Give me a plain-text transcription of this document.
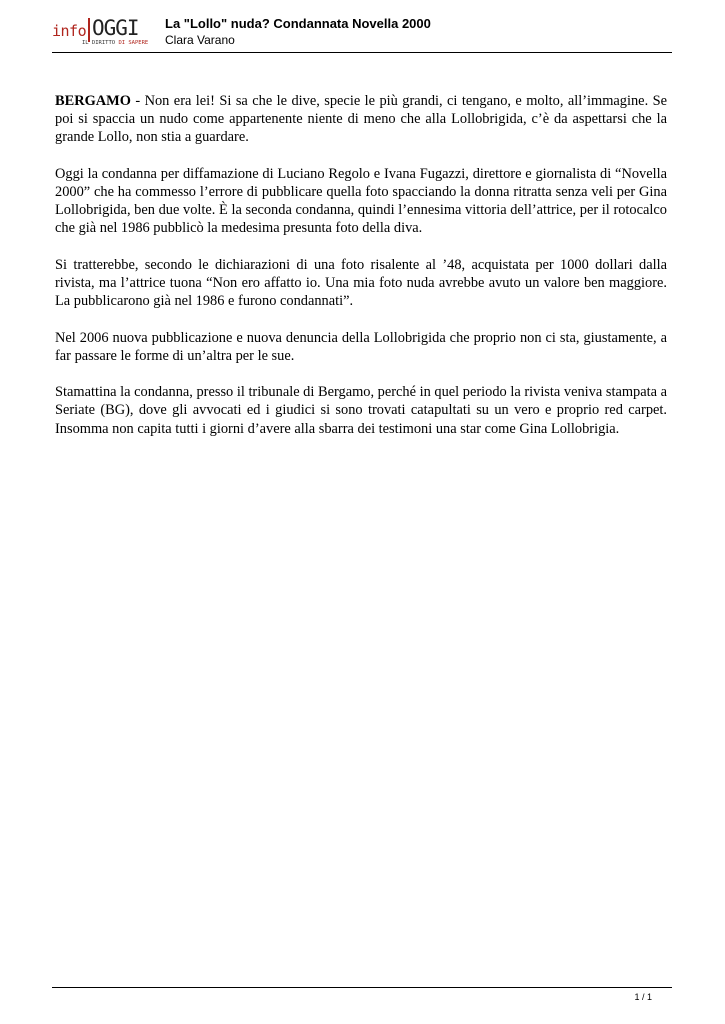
info OGGI
IL DIRITTO DI SAPERE
La "Lollo" nuda? Condannata Novella 2000
Clara Varano

BERGAMO - Non era lei! Si sa che le dive, specie le più grandi, ci tengano, e molto, all’immagine. Se poi si spaccia un nudo come appartenente niente di meno che alla Lollobrigida, c’è da aspettarsi che la grande Lollo, non stia a guardare.

Oggi la condanna per diffamazione di Luciano Regolo e Ivana Fugazzi, direttore e giornalista di “Novella 2000” che ha commesso l’errore di pubblicare quella foto spacciando la donna ritratta senza veli per Gina Lollobrigida, ben due volte. È la seconda condanna, quindi l’ennesima vittoria dell’attrice, per il rotocalco che già nel 1986 pubblicò la medesima presunta foto della diva.

Si tratterebbe, secondo le dichiarazioni di una foto risalente al ’48, acquistata per 1000 dollari dalla rivista, ma l’attrice tuona “Non ero affatto io. Una mia foto nuda avrebbe avuto un valore ben maggiore. La pubblicarono già nel 1986 e furono condannati”.

Nel 2006 nuova pubblicazione e nuova denuncia della Lollobrigida che proprio non ci sta, giustamente, a far passare le forme di un’altra per le sue.

Stamattina la condanna, presso il tribunale di Bergamo, perché in quel periodo la rivista veniva stampata a Seriate (BG), dove gli avvocati ed i giudici si sono trovati catapultati su un vero e proprio red carpet. Insomma non capita tutti i giorni d’avere alla sbarra dei testimoni una star come Gina Lollobrigia.

1 / 1
